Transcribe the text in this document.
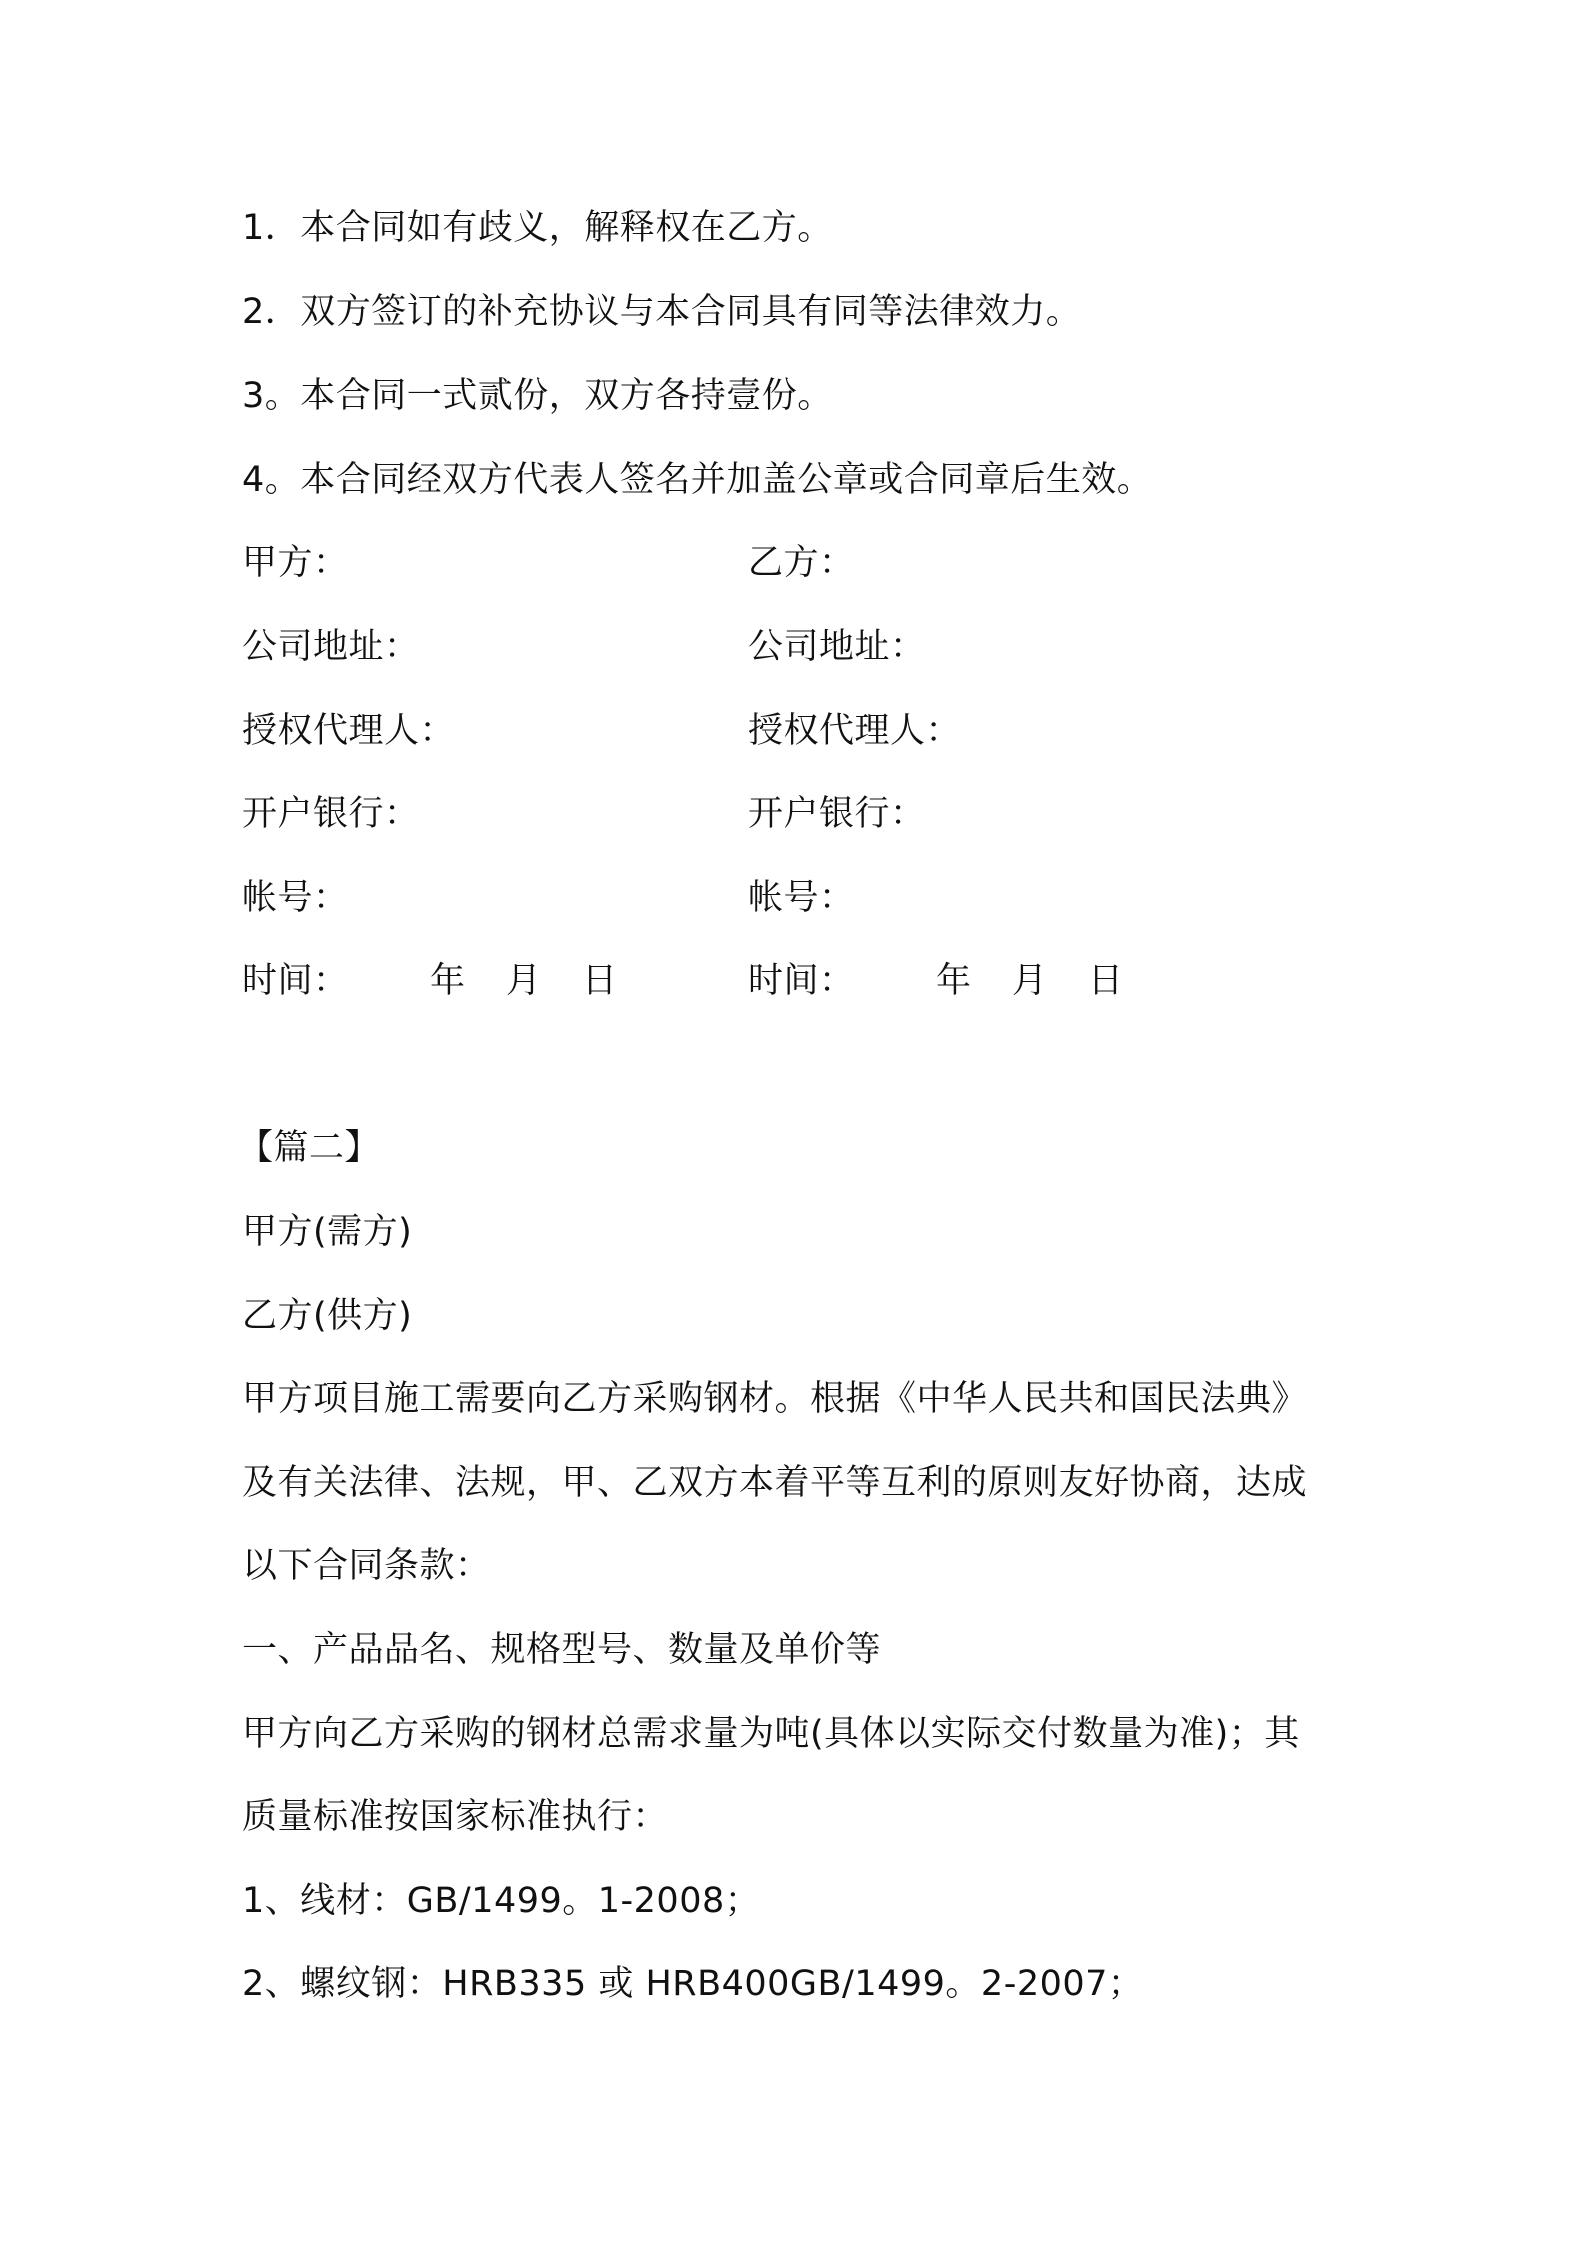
1．本合同如有歧义，解释权在乙方。
2．双方签订的补充协议与本合同具有同等法律效力。
3。本合同一式贰份，双方各持壹份。
4。本合同经双方代表人签名并加盖公章或合同章后生效。
甲方：	乙方：
公司地址：	公司地址：
授权代理人：	授权代理人：
开户银行：	开户银行：
帐号：	帐号：
时间： 年 月 日	时间： 年 月 日
【篇二】
甲方(需方)
乙方(供方)
甲方项目施工需要向乙方采购钢材。根据《中华人民共和国民法典》
及有关法律、法规，甲、乙双方本着平等互利的原则友好协商，达成
以下合同条款：
一、产品品名、规格型号、数量及单价等
甲方向乙方采购的钢材总需求量为吨(具体以实际交付数量为准)；其
质量标准按国家标准执行：
1、线材：GB/1499。1-2008；
2、螺纹钢：HRB335 或 HRB400GB/1499。2-2007；
